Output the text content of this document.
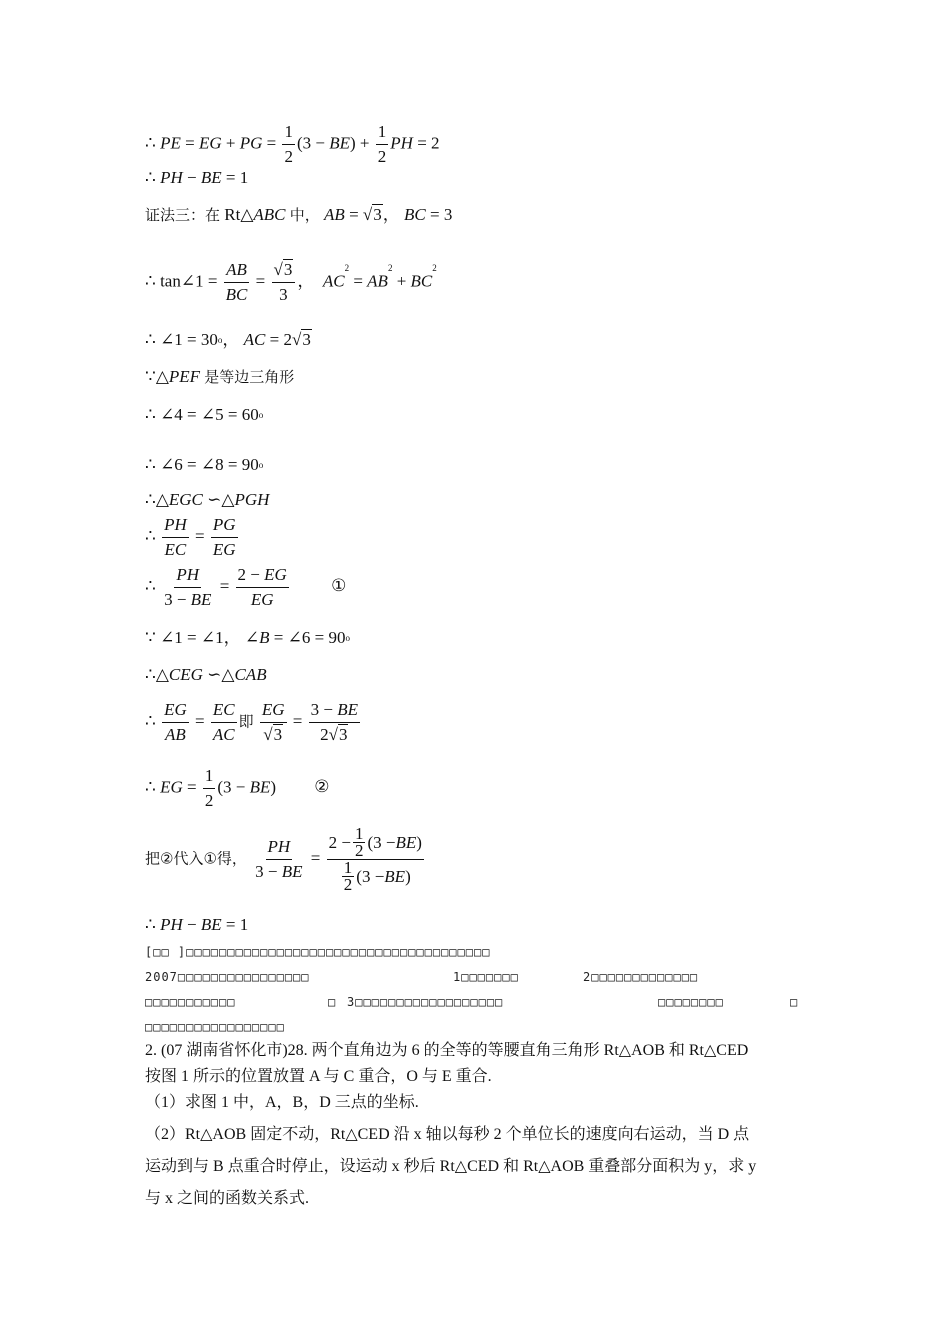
∴ PE = EG + PG = $\frac{1}{2} (3 - BE) + \frac{1}{2}$ PH = 2
∴ PH − BE = 1
证法三：在 Rt△ABC 中， AB = √3， BC = 3
∴ tan∠1 = $\frac{AB}{BC} = \frac{√3}{3}$ ，  $AC^2 = AB^2 + BC^2$
∴ ∠1 = $30^o$， AC = 2√3
∵△PEF 是等边三角形
∴ ∠4 = ∠5 = $60^o$
∴ ∠6 = ∠8 = $90^o$
∴△EGC ∽△PGH
∴ $\frac{PH}{EC} = \frac{PG}{EG}$
∴ $\frac{PH}{3 - BE} = \frac{2 - EG}{EG}$ ①
∵ ∠1 = ∠1， ∠B = ∠6 = $90^o$
∴△CEG ∽△CAB
∴ $\frac{EG}{AB} = \frac{EC}{AC}$ 即 $\frac{EG}{√3} = \frac{3 - BE}{2√3}$
∴ EG = $\frac{1}{2} (3 - BE)$ ②
把②代入①得， $\frac{PH}{3 - BE} = \frac{2 - \frac{1}{2} (3 - BE )}{\frac{1}{2} (3 - BE )}$
∴ PH − BE = 1
[□□ ]□□□□□□□□□□□□□□□□□□□□□□□□□□□□□□□□□□□□□
2007□□□□□□□□□□□□□□□□	1□□□□□□□	2□□□□□□□□□□□□□
□□□□□□□□□□□	□ 3□□□□□□□□□□□□□□□□□□	□□□□□□□□	□
□□□□□□□□□□□□□□□□□
2. (07 湖南省怀化市)28. 两个直角边为 6 的全等的等腰直角三角形 Rt△AOB 和 Rt△CED
按图 1 所示的位置放置 A 与 C 重合，O 与 E 重合.
（1）求图 1 中，A，B，D 三点的坐标.
（2）Rt△AOB 固定不动，Rt△CED 沿 x 轴以每秒 2 个单位长的速度向右运动，当 D 点
运动到与 B 点重合时停止，设运动 x 秒后 Rt△CED 和 Rt△AOB 重叠部分面积为 y，求 y
与 x 之间的函数关系式.
